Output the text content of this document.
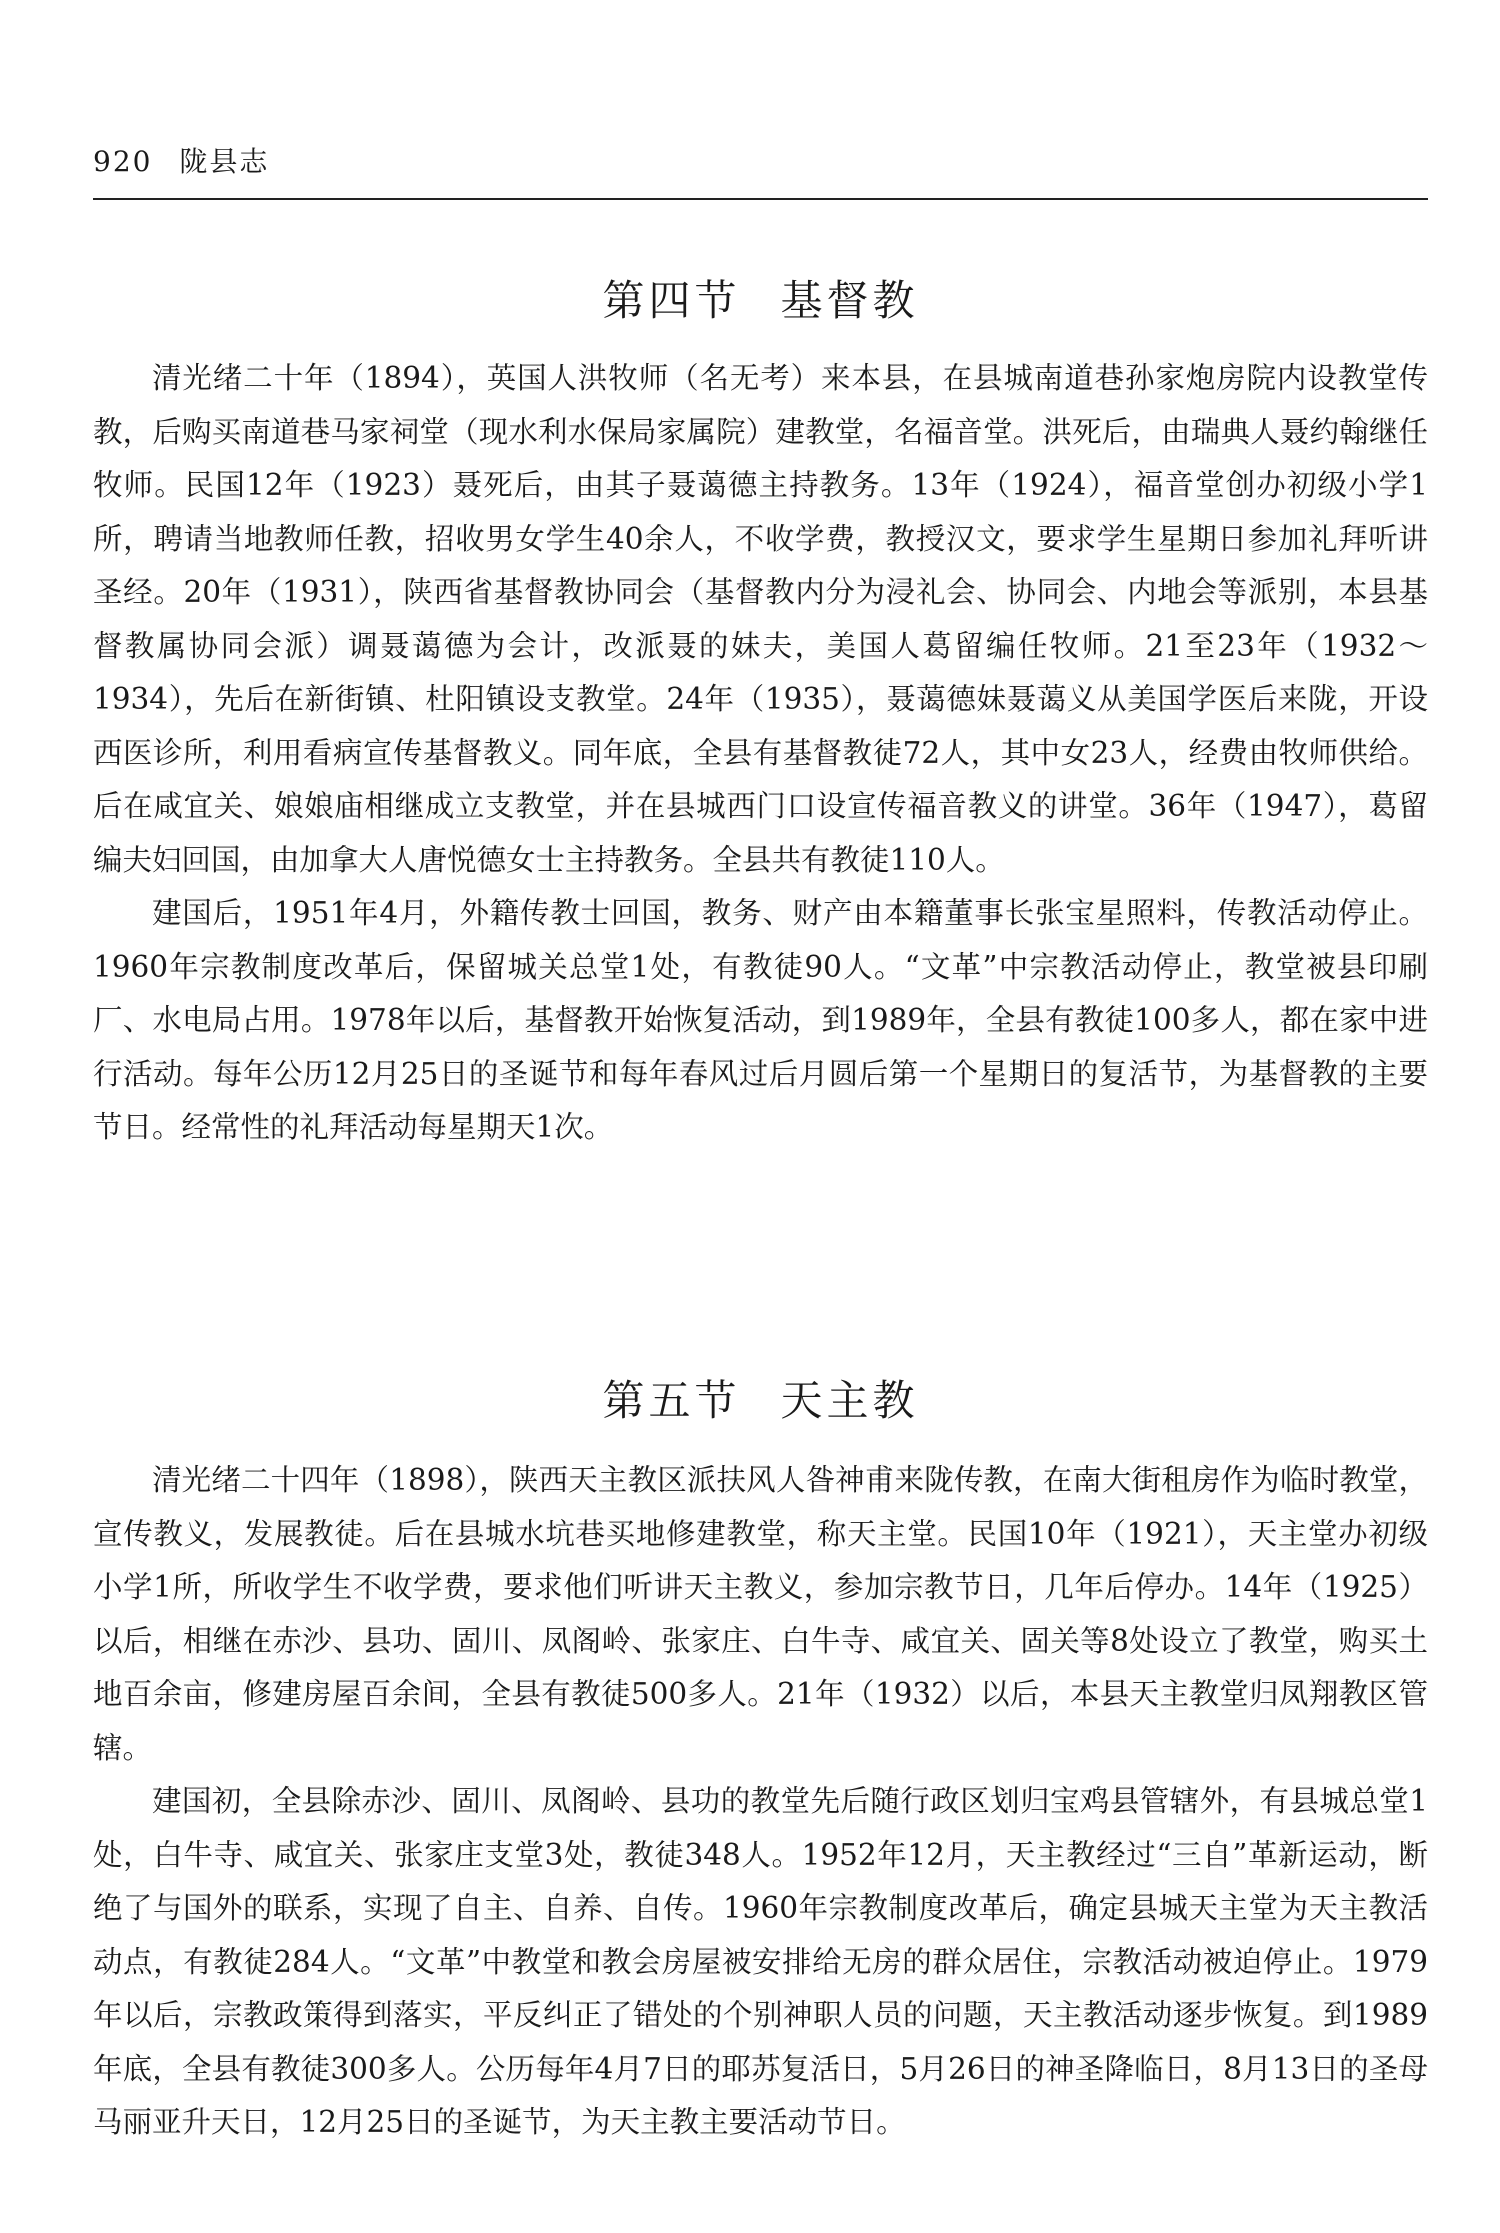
920 陇县志
第四节 基督教

清光绪二十年（1894），英国人洪牧师（名无考）来本县，在县城南道巷孙家炮房院内设教堂传教，后购买南道巷马家祠堂（现水利水保局家属院）建教堂，名福音堂。洪死后，由瑞典人聂约翰继任牧师。民国12年（1923）聂死后，由其子聂蔼德主持教务。13年（1924），福音堂创办初级小学1所，聘请当地教师任教，招收男女学生40余人，不收学费，教授汉文，要求学生星期日参加礼拜听讲圣经。20年（1931），陕西省基督教协同会（基督教内分为浸礼会、协同会、内地会等派别，本县基督教属协同会派）调聂蔼德为会计，改派聂的妹夫，美国人葛留编任牧师。21至23年（1932～1934），先后在新街镇、杜阳镇设支教堂。24年（1935），聂蔼德妹聂蔼义从美国学医后来陇，开设西医诊所，利用看病宣传基督教义。同年底，全县有基督教徒72人，其中女23人，经费由牧师供给。后在咸宜关、娘娘庙相继成立支教堂，并在县城西门口设宣传福音教义的讲堂。36年（1947），葛留编夫妇回国，由加拿大人唐悦德女士主持教务。全县共有教徒110人。

建国后，1951年4月，外籍传教士回国，教务、财产由本籍董事长张宝星照料，传教活动停止。1960年宗教制度改革后，保留城关总堂1处，有教徒90人。“文革”中宗教活动停止，教堂被县印刷厂、水电局占用。1978年以后，基督教开始恢复活动，到1989年，全县有教徒100多人，都在家中进行活动。每年公历12月25日的圣诞节和每年春风过后月圆后第一个星期日的复活节，为基督教的主要节日。经常性的礼拜活动每星期天1次。

第五节 天主教

清光绪二十四年（1898），陕西天主教区派扶风人昝神甫来陇传教，在南大街租房作为临时教堂，宣传教义，发展教徒。后在县城水坑巷买地修建教堂，称天主堂。民国10年（1921），天主堂办初级小学1所，所收学生不收学费，要求他们听讲天主教义，参加宗教节日，几年后停办。14年（1925）以后，相继在赤沙、县功、固川、凤阁岭、张家庄、白牛寺、咸宜关、固关等8处设立了教堂，购买土地百余亩，修建房屋百余间，全县有教徒500多人。21年（1932）以后，本县天主教堂归凤翔教区管辖。

建国初，全县除赤沙、固川、凤阁岭、县功的教堂先后随行政区划归宝鸡县管辖外，有县城总堂1处，白牛寺、咸宜关、张家庄支堂3处，教徒348人。1952年12月，天主教经过“三自”革新运动，断绝了与国外的联系，实现了自主、自养、自传。1960年宗教制度改革后，确定县城天主堂为天主教活动点，有教徒284人。“文革”中教堂和教会房屋被安排给无房的群众居住，宗教活动被迫停止。1979年以后，宗教政策得到落实，平反纠正了错处的个别神职人员的问题，天主教活动逐步恢复。到1989年底，全县有教徒300多人。公历每年4月7日的耶苏复活日，5月26日的神圣降临日，8月13日的圣母马丽亚升天日，12月25日的圣诞节，为天主教主要活动节日。
